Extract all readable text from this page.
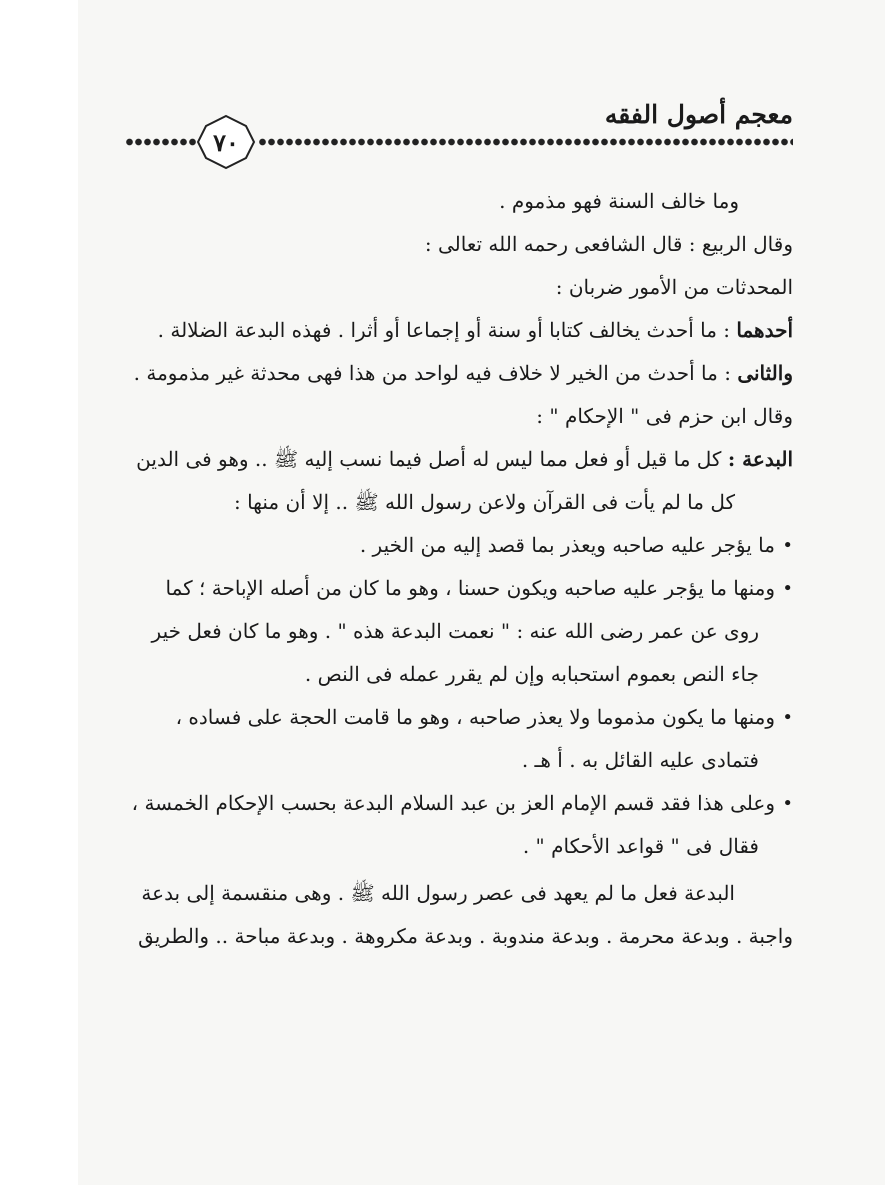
معجم أصول الفقه
٧٠
وما خالف السنة فهو مذموم .
وقال الربيع : قال الشافعى رحمه الله تعالى :
المحدثات من الأمور ضربان :
أحدهما : ما أحدث يخالف كتابا أو سنة أو إجماعا أو أثرا . فهذه البدعة الضلالة .
والثانى : ما أحدث من الخير لا خلاف فيه لواحد من هذا فهى محدثة غير مذمومة .
وقال ابن حزم فى " الإحكام " :
البدعة : كل ما قيل أو فعل مما ليس له أصل فيما نسب إليه ﷺ .. وهو فى الدين
كل ما لم يأت فى القرآن ولاعن رسول الله ﷺ .. إلا أن منها :
•
ما يؤجر عليه صاحبه ويعذر بما قصد إليه من الخير .
•
ومنها ما يؤجر عليه صاحبه ويكون حسنا ، وهو ما كان من أصله الإباحة ؛ كما
روى عن عمر رضى الله عنه : " نعمت البدعة هذه " . وهو ما كان فعل خير
جاء النص بعموم استحبابه وإن لم يقرر عمله فى النص .
•
ومنها ما يكون مذموما ولا يعذر صاحبه ، وهو ما قامت الحجة على فساده ،
فتمادى عليه القائل به . أ هـ .
•
وعلى هذا فقد قسم الإمام العز بن عبد السلام البدعة بحسب الإحكام الخمسة ،
فقال فى " قواعد الأحكام " .
البدعة فعل ما لم يعهد فى عصر رسول الله ﷺ . وهى منقسمة إلى بدعة
واجبة . وبدعة محرمة . وبدعة مندوبة . وبدعة مكروهة . وبدعة مباحة .. والطريق
